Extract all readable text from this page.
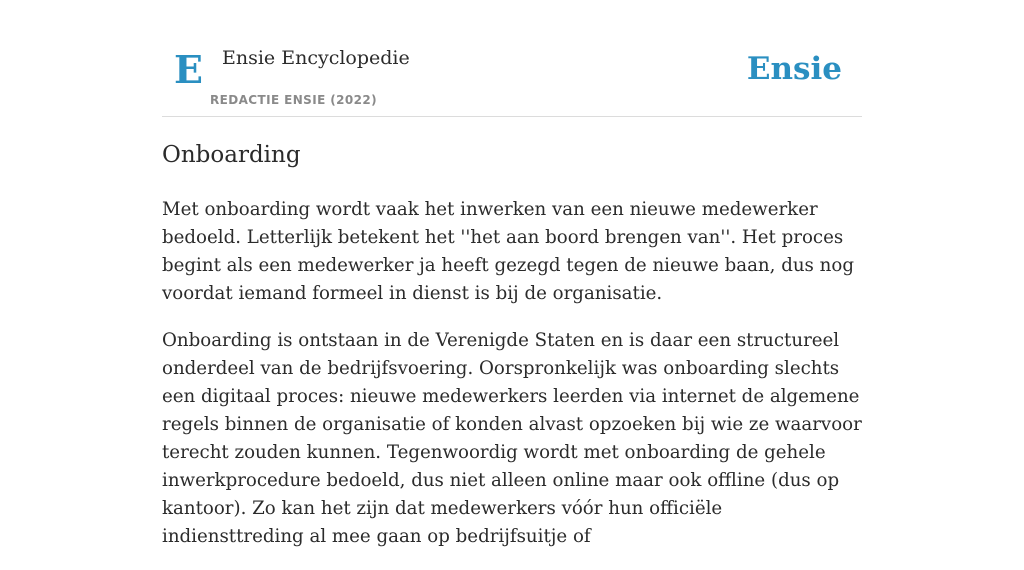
E Ensie Encyclopedie
REDACTIE ENSIE (2022)
Ensie
Onboarding

Met onboarding wordt vaak het inwerken van een nieuwe medewerker bedoeld. Letterlijk betekent het ''het aan boord brengen van''. Het proces begint als een medewerker ja heeft gezegd tegen de nieuwe baan, dus nog voordat iemand formeel in dienst is bij de organisatie.

Onboarding is ontstaan in de Verenigde Staten en is daar een structureel onderdeel van de bedrijfsvoering. Oorspronkelijk was onboarding slechts een digitaal proces: nieuwe medewerkers leerden via internet de algemene regels binnen de organisatie of konden alvast opzoeken bij wie ze waarvoor terecht zouden kunnen. Tegenwoordig wordt met onboarding de gehele inwerkprocedure bedoeld, dus niet alleen online maar ook offline (dus op kantoor). Zo kan het zijn dat medewerkers vóór hun officiële indiensttreding al mee gaan op bedrijfsuitje of
